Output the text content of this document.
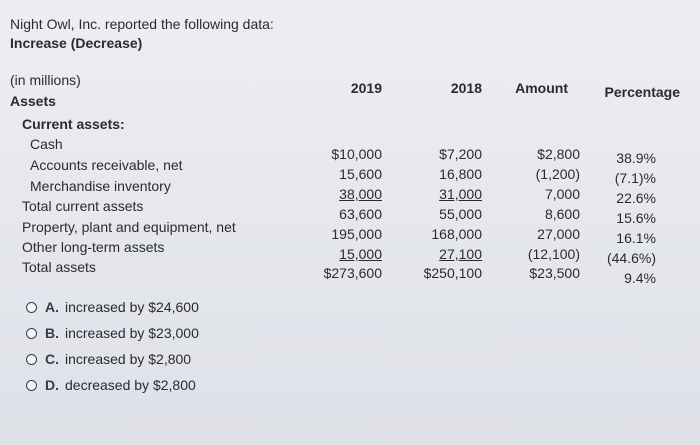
Night Owl, Inc. reported the following data:
Increase (Decrease)
(in millions)
Assets
Current assets:
2019	2018 Amount	Percentage
Cash
Accounts receivable, net
Merchandise inventory
Total current assets
Property, plant and equipment, net
Other long-term assets
Total assets
$10,000
15,600
38,000
63,600
195,000
15,000
$273,600
$7,200
16,800
31,000
55,000
168,000
27,100
$250,100
$2,800
(1,200)
7,000
8,600
27,000
(12,100)
$23,500
38.9%
(7.1)%
22.6%
15.6%
16.1%
(44.6%)
9.4%
A. increased by $24,600
B. increased by $23,000
C. increased by $2,800
D. decreased by $2,800
